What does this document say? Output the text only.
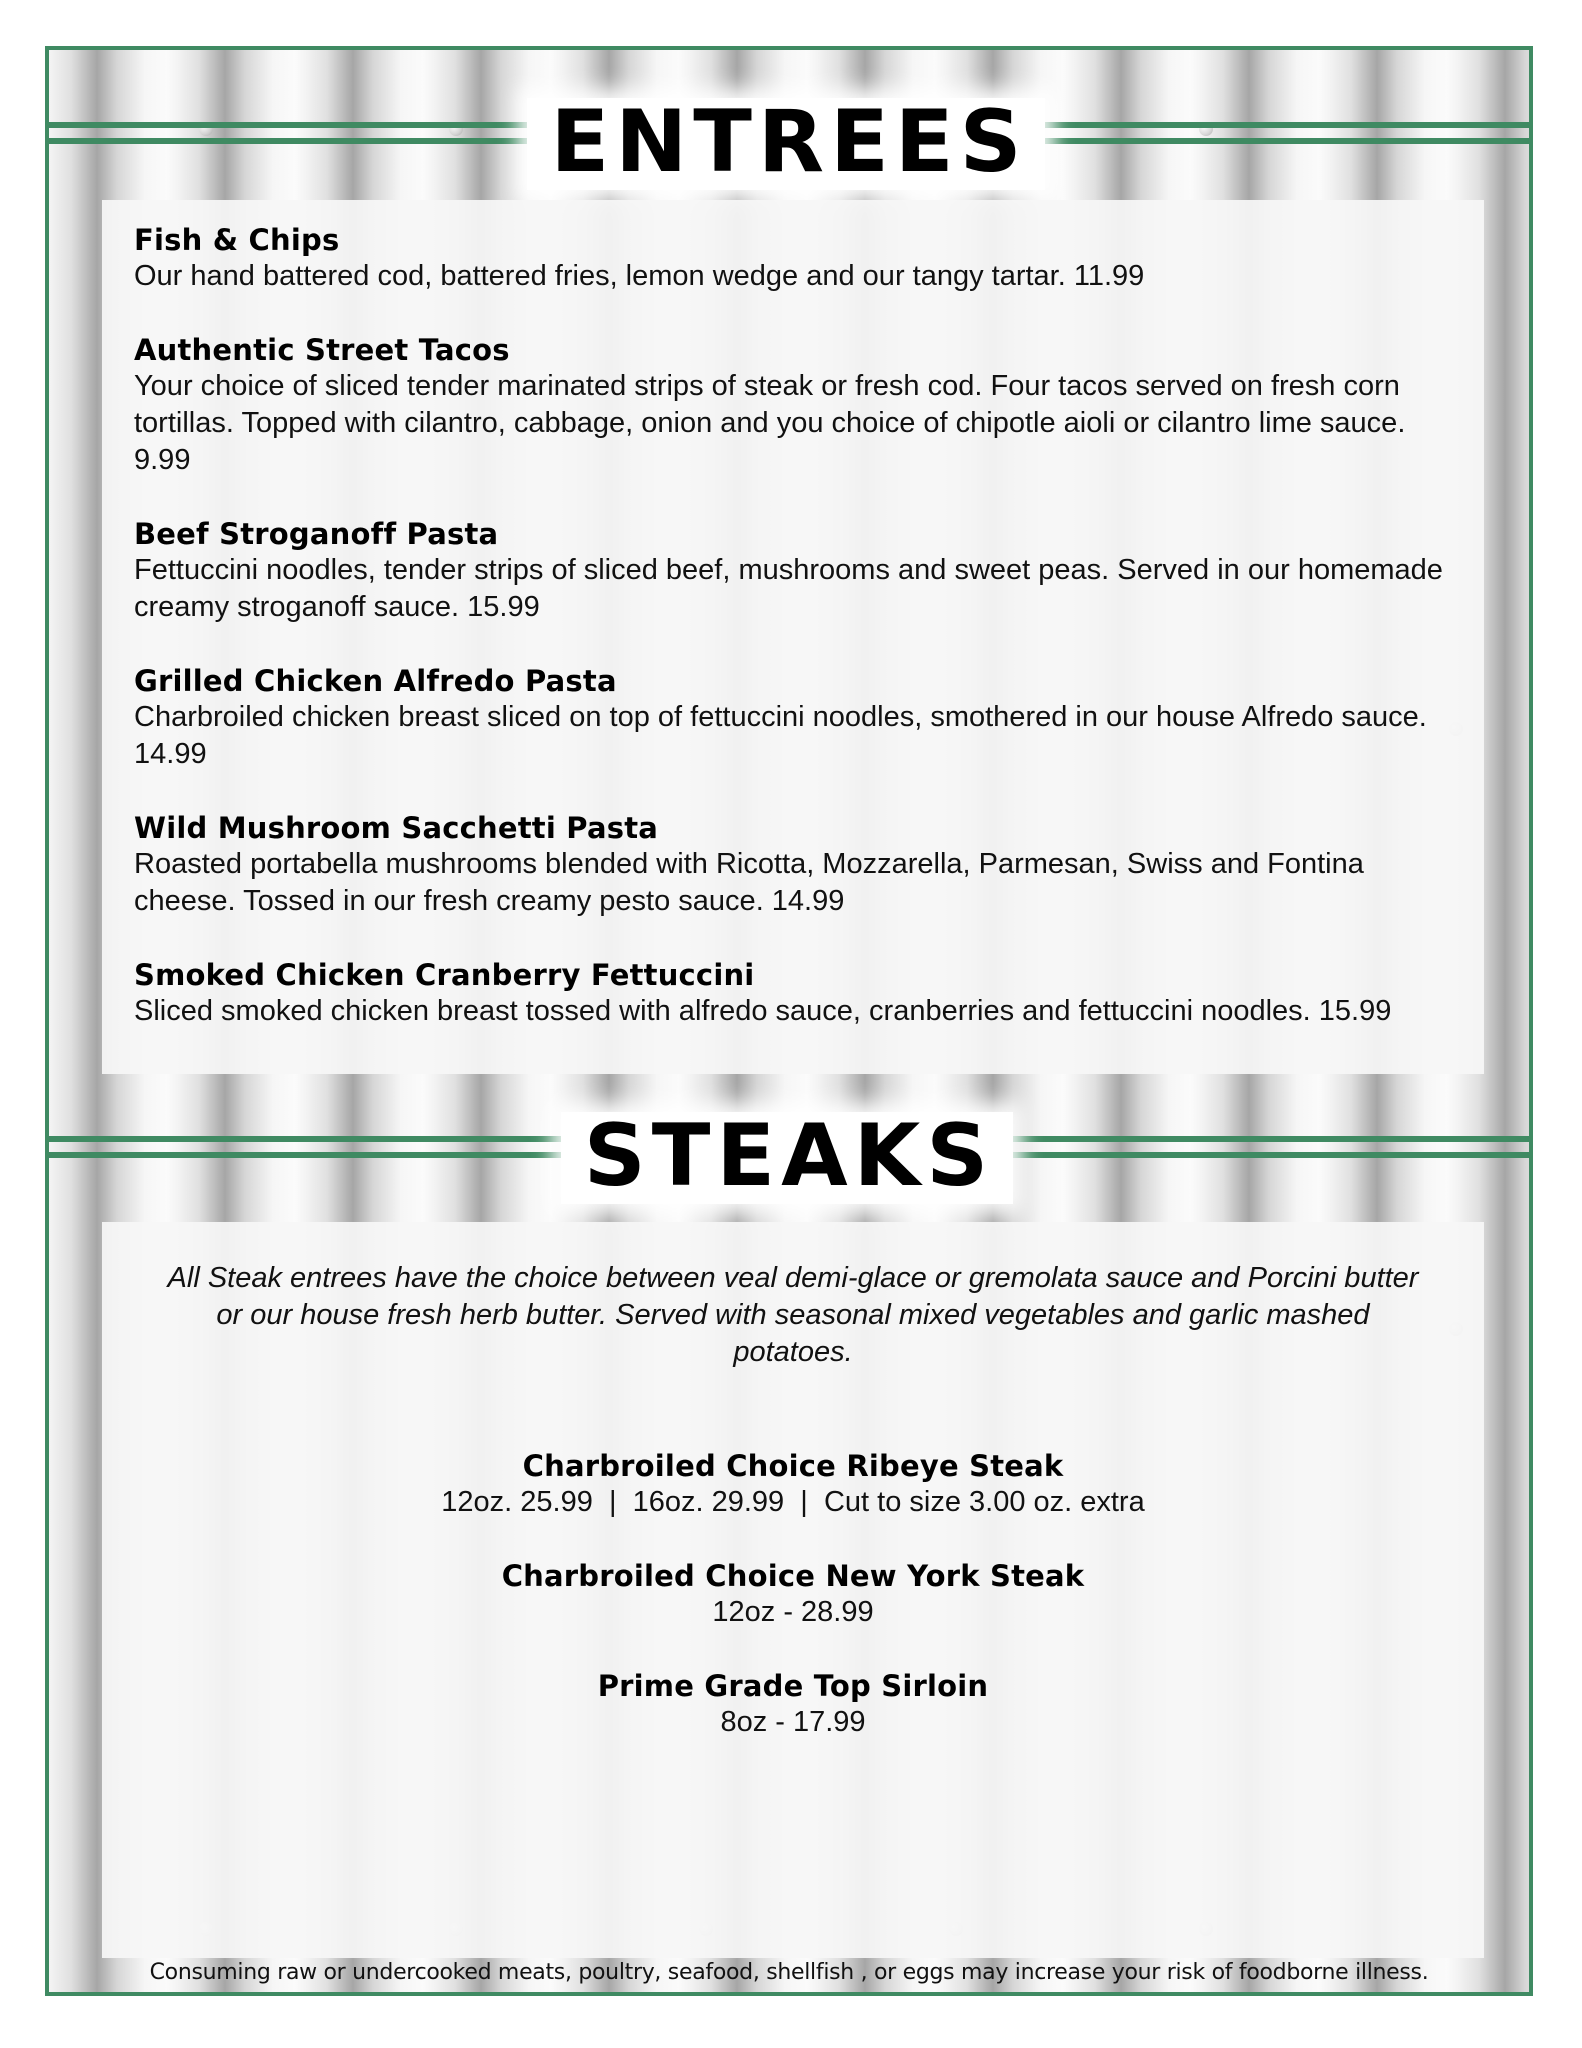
ENTREES
Fish & Chips
Our hand battered cod, battered fries, lemon wedge and our tangy tartar. 11.99
Authentic Street Tacos
Your choice of sliced tender marinated strips of steak or fresh cod. Four tacos served on fresh corn tortillas. Topped with cilantro, cabbage, onion and you choice of chipotle aioli or cilantro lime sauce. 9.99
Beef Stroganoff Pasta
Fettuccini noodles, tender strips of sliced beef, mushrooms and sweet peas. Served in our homemade creamy stroganoff sauce. 15.99
Grilled Chicken Alfredo Pasta
Charbroiled chicken breast sliced on top of fettuccini noodles, smothered in our house Alfredo sauce. 14.99
Wild Mushroom Sacchetti Pasta
Roasted portabella mushrooms blended with Ricotta, Mozzarella, Parmesan, Swiss and Fontina cheese. Tossed in our fresh creamy pesto sauce. 14.99
Smoked Chicken Cranberry Fettuccini
Sliced smoked chicken breast tossed with alfredo sauce, cranberries and fettuccini noodles. 15.99
STEAKS
All Steak entrees have the choice between veal demi-glace or gremolata sauce and Porcini butter or our house fresh herb butter. Served with seasonal mixed vegetables and garlic mashed potatoes.
Charbroiled Choice Ribeye Steak
12oz. 25.99  |  16oz. 29.99  |  Cut to size 3.00 oz. extra
Charbroiled Choice New York Steak
12oz - 28.99
Prime Grade Top Sirloin
8oz - 17.99
Consuming raw or undercooked meats, poultry, seafood, shellfish , or eggs may increase your risk of foodborne illness.
